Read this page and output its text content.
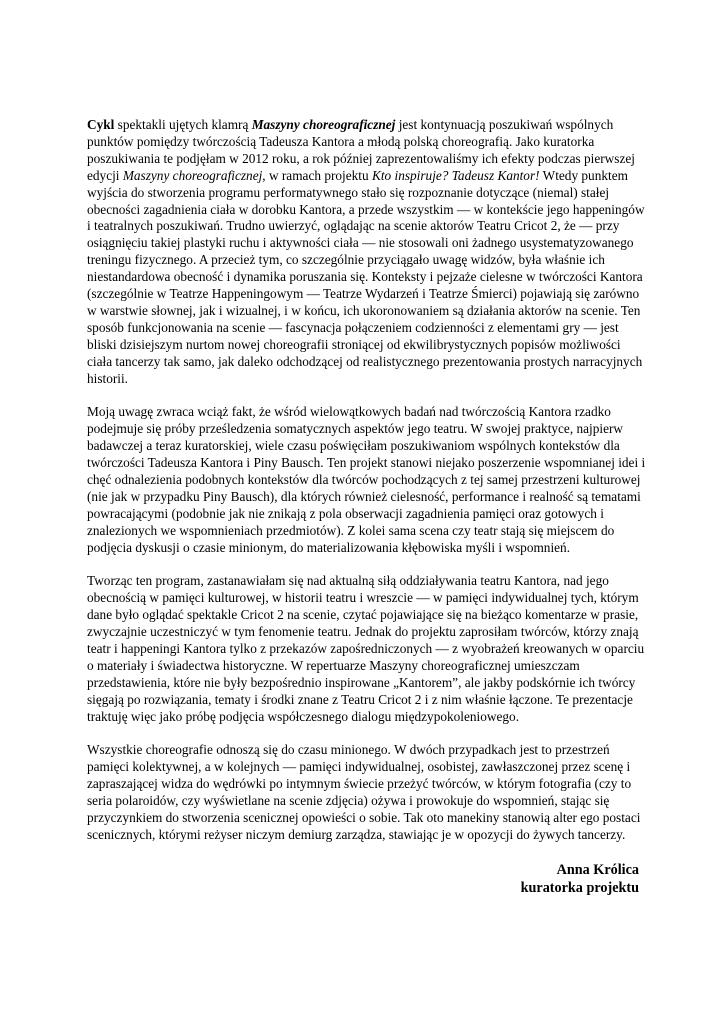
Cykl spektakli ujętych klamrą Maszyny choreograficznej jest kontynuacją poszukiwań wspólnych punktów pomiędzy twórczością Tadeusza Kantora a młodą polską choreografią. Jako kuratorka poszukiwania te podjęłam w 2012 roku, a rok później zaprezentowaliśmy ich efekty podczas pierwszej edycji Maszyny choreograficznej, w ramach projektu Kto inspiruje? Tadeusz Kantor! Wtedy punktem wyjścia do stworzenia programu performatywnego stało się rozpoznanie dotyczące (niemal) stałej obecności zagadnienia ciała w dorobku Kantora, a przede wszystkim — w kontekście jego happeningów i teatralnych poszukiwań. Trudno uwierzyć, oglądając na scenie aktorów Teatru Cricot 2, że — przy osiągnięciu takiej plastyki ruchu i aktywności ciała — nie stosowali oni żadnego usystematyzowanego treningu fizycznego. A przecież tym, co szczególnie przyciągało uwagę widzów, była właśnie ich niestandardowa obecność i dynamika poruszania się. Konteksty i pejzaże cielesne w twórczości Kantora (szczególnie w Teatrze Happeningowym — Teatrze Wydarzeń i Teatrze Śmierci) pojawiają się zarówno w warstwie słownej, jak i wizualnej, i w końcu, ich ukoronowaniem są działania aktorów na scenie. Ten sposób funkcjonowania na scenie — fascynacja połączeniem codzienności z elementami gry — jest bliski dzisiejszym nurtom nowej choreografii stroniącej od ekwilibrystycznych popisów możliwości ciała tancerzy tak samo, jak daleko odchodzącej od realistycznego prezentowania prostych narracyjnych historii.

Moją uwagę zwraca wciąż fakt, że wśród wielowątkowych badań nad twórczością Kantora rzadko podejmuje się próby prześledzenia somatycznych aspektów jego teatru. W swojej praktyce, najpierw badawczej a teraz kuratorskiej, wiele czasu poświęciłam poszukiwaniom wspólnych kontekstów dla twórczości Tadeusza Kantora i Piny Bausch. Ten projekt stanowi niejako poszerzenie wspomnianej idei i chęć odnalezienia podobnych kontekstów dla twórców pochodzących z tej samej przestrzeni kulturowej (nie jak w przypadku Piny Bausch), dla których również cielesność, performance i realność są tematami powracającymi (podobnie jak nie znikają z pola obserwacji zagadnienia pamięci oraz gotowych i znalezionych we wspomnieniach przedmiotów). Z kolei sama scena czy teatr stają się miejscem do podjęcia dyskusji o czasie minionym, do materializowania kłębowiska myśli i wspomnień.

Tworząc ten program, zastanawiałam się nad aktualną siłą oddziaływania teatru Kantora, nad jego obecnością w pamięci kulturowej, w historii teatru i wreszcie — w pamięci indywidualnej tych, którym dane było oglądać spektakle Cricot 2 na scenie, czytać pojawiające się na bieżąco komentarze w prasie, zwyczajnie uczestniczyć w tym fenomenie teatru. Jednak do projektu zaprosiłam twórców, którzy znają teatr i happeningi Kantora tylko z przekazów zapośredniczonych — z wyobrażeń kreowanych w oparciu o materiały i świadectwa historyczne. W repertuarze Maszyny choreograficznej umieszczam przedstawienia, które nie były bezpośrednio inspirowane „Kantorem”, ale jakby podskórnie ich twórcy sięgają po rozwiązania, tematy i środki znane z Teatru Cricot 2 i z nim właśnie łączone. Te prezentacje traktuję więc jako próbę podjęcia współczesnego dialogu międzypokoleniowego.

Wszystkie choreografie odnoszą się do czasu minionego. W dwóch przypadkach jest to przestrzeń pamięci kolektywnej, a w kolejnych — pamięci indywidualnej, osobistej, zawłaszczonej przez scenę i zapraszającej widza do wędrówki po intymnym świecie przeżyć twórców, w którym fotografia (czy to seria polaroidów, czy wyświetlane na scenie zdjęcia) ożywa i prowokuje do wspomnień, stając się przyczynkiem do stworzenia scenicznej opowieści o sobie. Tak oto manekiny stanowią alter ego postaci scenicznych, którymi reżyser niczym demiurg zarządza, stawiając je w opozycji do żywych tancerzy.

Anna Królica
kuratorka projektu
